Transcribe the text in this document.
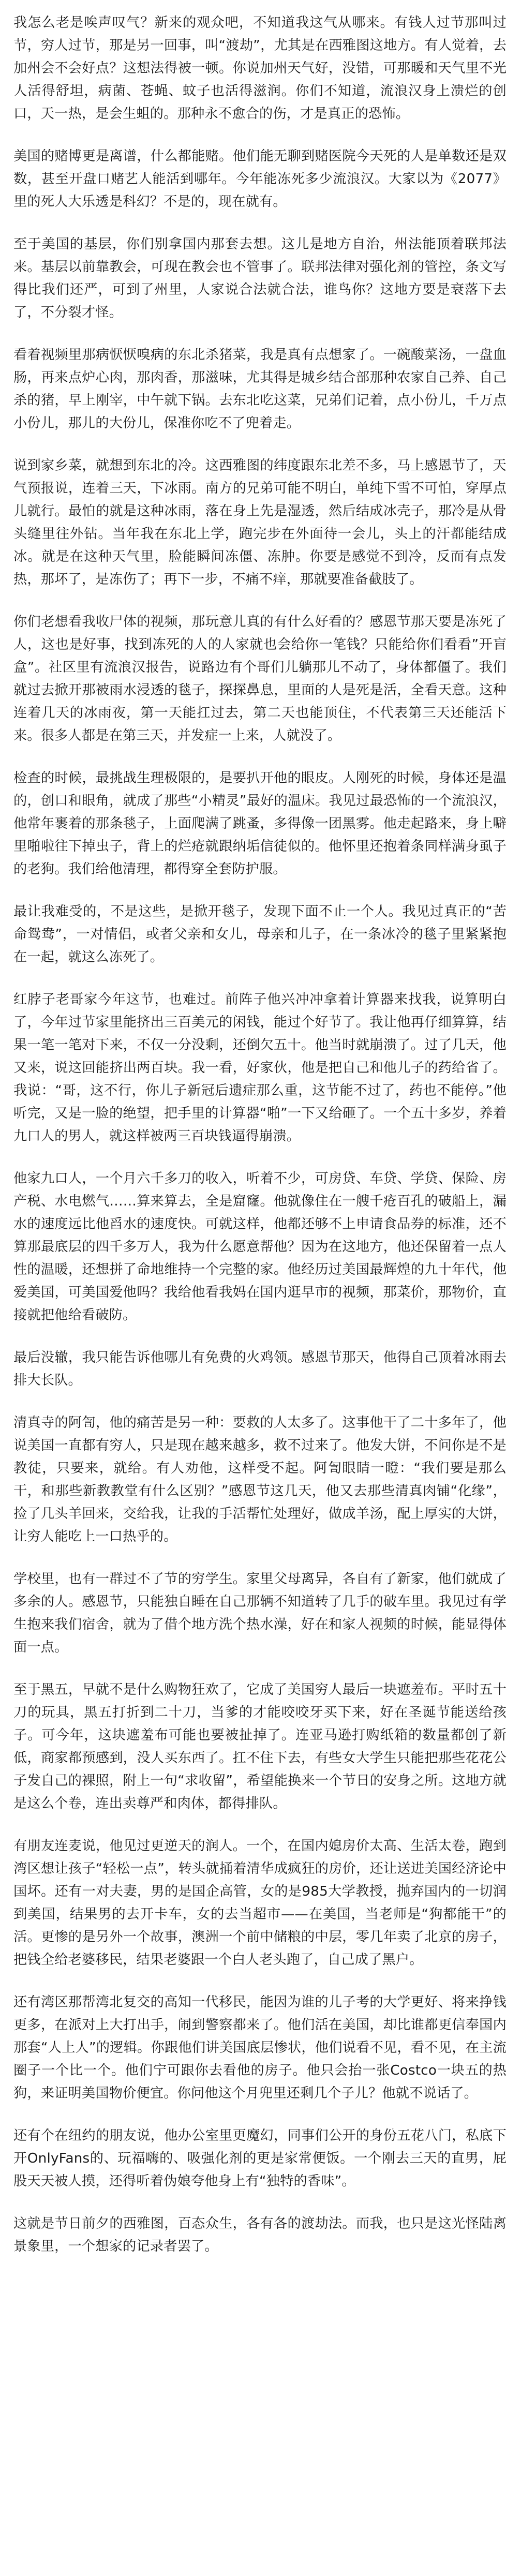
我怎么老是唉声叹气？新来的观众吧，不知道我这气从哪来。有钱人过节那叫过节，穷人过节，那是另一回事，叫“渡劫”，尤其是在西雅图这地方。有人觉着，去加州会不会好点？这想法得被一顿。你说加州天气好，没错，可那暖和天气里不光人活得舒坦，病菌、苍蝇、蚊子也活得滋润。你们不知道，流浪汉身上溃烂的创口，天一热，是会生蛆的。那种永不愈合的伤，才是真正的恐怖。

美国的赌博更是离谱，什么都能赌。他们能无聊到赌医院今天死的人是单数还是双数，甚至开盘口赌艺人能活到哪年。今年能冻死多少流浪汉。大家以为《2077》里的死人大乐透是科幻？不是的，现在就有。

至于美国的基层，你们别拿国内那套去想。这儿是地方自治，州法能顶着联邦法来。基层以前靠教会，可现在教会也不管事了。联邦法律对强化剂的管控，条文写得比我们还严，可到了州里，人家说合法就合法，谁鸟你？这地方要是衰落下去了，不分裂才怪。

看着视频里那病恹恹嗅病的东北杀猪菜，我是真有点想家了。一碗酸菜汤，一盘血肠，再来点炉心肉，那肉香，那滋味，尤其得是城乡结合部那种农家自己养、自己杀的猪，早上刚宰，中午就下锅。去东北吃这菜，兄弟们记着，点小份儿，千万点小份儿，那儿的大份儿，保准你吃不了兜着走。

说到家乡菜，就想到东北的冷。这西雅图的纬度跟东北差不多，马上感恩节了，天气预报说，连着三天，下冰雨。南方的兄弟可能不明白，单纯下雪不可怕，穿厚点儿就行。最怕的就是这种冰雨，落在身上先是湿透，然后结成冰壳子，那冷是从骨头缝里往外钻。当年我在东北上学，跑完步在外面待一会儿，头上的汗都能结成冰。就是在这种天气里，脸能瞬间冻僵、冻肿。你要是感觉不到冷，反而有点发热，那坏了，是冻伤了；再下一步，不痛不痒，那就要准备截肢了。

你们老想看我收尸体的视频，那玩意儿真的有什么好看的？感恩节那天要是冻死了人，这也是好事，找到冻死的人的人家就也会给你一笔钱？只能给你们看看”开盲盒”。社区里有流浪汉报告，说路边有个哥们儿躺那儿不动了，身体都僵了。我们就过去掀开那被雨水浸透的毯子，探探鼻息，里面的人是死是活，全看天意。这种连着几天的冰雨夜，第一天能扛过去，第二天也能顶住，不代表第三天还能活下来。很多人都是在第三天，并发症一上来，人就没了。

检查的时候，最挑战生理极限的，是要扒开他的眼皮。人刚死的时候，身体还是温的，创口和眼角，就成了那些“小精灵”最好的温床。我见过最恐怖的一个流浪汉，他常年裹着的那条毯子，上面爬满了跳蚤，多得像一团黑雾。他走起路来，身上噼里啪啦往下掉虫子，背上的烂疮就跟纳垢信徒似的。他怀里还抱着条同样满身虱子的老狗。我们给他清理，都得穿全套防护服。

最让我难受的，不是这些，是掀开毯子，发现下面不止一个人。我见过真正的“苦命鸳鸯”，一对情侣，或者父亲和女儿，母亲和儿子，在一条冰冷的毯子里紧紧抱在一起，就这么冻死了。

红脖子老哥家今年这节，也难过。前阵子他兴冲冲拿着计算器来找我，说算明白了，今年过节家里能挤出三百美元的闲钱，能过个好节了。我让他再仔细算算，结果一笔一笔对下来，不仅一分没剩，还倒欠五十。他当时就崩溃了。过了几天，他又来，说这回能挤出两百块。我一看，好家伙，他是把自己和他儿子的药给省了。我说：“哥，这不行，你儿子新冠后遗症那么重，这节能不过了，药也不能停。”他听完，又是一脸的绝望，把手里的计算器“啪”一下又给砸了。一个五十多岁，养着九口人的男人，就这样被两三百块钱逼得崩溃。

他家九口人，一个月六千多刀的收入，听着不少，可房贷、车贷、学贷、保险、房产税、水电燃气……算来算去，全是窟窿。他就像住在一艘千疮百孔的破船上，漏水的速度远比他舀水的速度快。可就这样，他都还够不上申请食品券的标准，还不算那最底层的四千多万人，我为什么愿意帮他？因为在这地方，他还保留着一点人性的温暖，还想拼了命地维持一个完整的家。他经历过美国最辉煌的九十年代，他爱美国，可美国爱他吗？我给他看我妈在国内逛早市的视频，那菜价，那物价，直接就把他给看破防。

最后没辙，我只能告诉他哪儿有免费的火鸡领。感恩节那天，他得自己顶着冰雨去排大长队。

清真寺的阿訇，他的痛苦是另一种：要救的人太多了。这事他干了二十多年了，他说美国一直都有穷人，只是现在越来越多，救不过来了。他发大饼，不问你是不是教徒，只要来，就给。有人劝他，这样受不起。阿訇眼睛一瞪：“我们要是那么干，和那些新教教堂有什么区别？”感恩节这几天，他又去那些清真肉铺“化缘”，捡了几头羊回来，交给我，让我的手活帮忙处理好，做成羊汤，配上厚实的大饼，让穷人能吃上一口热乎的。

学校里，也有一群过不了节的穷学生。家里父母离异，各自有了新家，他们就成了多余的人。感恩节，只能独自睡在自己那辆不知道转了几手的破车里。我见过有学生抱来我们宿舍，就为了借个地方洗个热水澡，好在和家人视频的时候，能显得体面一点。

至于黑五，早就不是什么购物狂欢了，它成了美国穷人最后一块遮羞布。平时五十刀的玩具，黑五打折到二十刀，当爹的才能咬咬牙买下来，好在圣诞节能送给孩子。可今年，这块遮羞布可能也要被扯掉了。连亚马逊打购纸箱的数量都创了新低，商家都预感到，没人买东西了。扛不住下去，有些女大学生只能把那些花花公子发自己的裸照，附上一句“求收留”，希望能换来一个节日的安身之所。这地方就是这么个卷，连出卖尊严和肉体，都得排队。

有朋友连麦说，他见过更逆天的润人。一个，在国内媳房价太高、生活太卷，跑到湾区想让孩子“轻松一点”，转头就捅着清华成疯狂的房价，还让送进美国经济论中国坏。还有一对夫妻，男的是国企高管，女的是985大学教授，抛弃国内的一切润到美国，结果男的去开卡车，女的去当超市——在美国，当老师是“狗都能干”的活。更惨的是另外一个故事，澳洲一个前中储粮的中层，零几年卖了北京的房子，把钱全给老婆移民，结果老婆跟一个白人老头跑了，自己成了黑户。

还有湾区那帮湾北复交的高知一代移民，能因为谁的儿子考的大学更好、将来挣钱更多，在派对上大打出手，闹到警察都来了。他们活在美国，却比谁都更信奉国内那套“人上人”的逻辑。你跟他们讲美国底层惨状，他们说看不见，看不见，在主流圈子一个比一个。他们宁可跟你去看他的房子。他只会抬一张Costco一块五的热狗，来证明美国物价便宜。你问他这个月兜里还剩几个子儿？他就不说话了。

还有个在纽约的朋友说，他办公室里更魔幻，同事们公开的身份五花八门，私底下开OnlyFans的、玩福嗨的、吸强化剂的更是家常便饭。一个刚去三天的直男，屁股天天被人摸，还得听着伪娘夸他身上有“独特的香味”。

这就是节日前夕的西雅图，百态众生，各有各的渡劫法。而我，也只是这光怪陆离景象里，一个想家的记录者罢了。
